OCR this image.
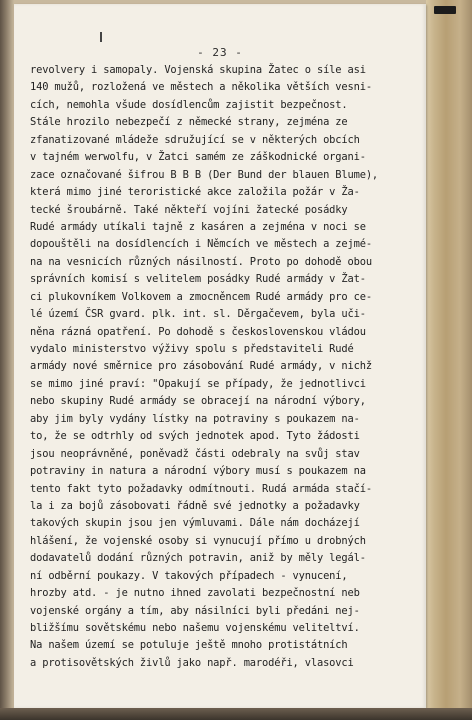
- 23 -
revolvery i samopaly. Vojenská skupina Žatec o síle asi
140 mužů, rozložená ve městech a několika větších vesni-
cích, nemohla všude dosídlencům zajistit bezpečnost.
Stále hrozilo nebezpečí z německé strany, zejména ze
zfanatizované mládeže sdružující se v některých obcích
v tajném werwolfu, v Žatci samém ze záškodnické organi-
zace označované šifrou B B B (Der Bund der blauen Blume),
která mimo jiné teroristické akce založila požár v Ža-
tecké šroubárně. Také někteří vojíni žatecké posádky
Rudé armády utíkali tajně z kasáren a zejména v noci se
dopouštěli na dosídlencích i Němcích ve městech a zejmé-
na na vesnicích různých násilností. Proto po dohodě obou
správních komisí s velitelem posádky Rudé armády v Žat-
ci plukovníkem Volkovem a zmocněncem Rudé armády pro ce-
lé území ČSR gvard. plk. int. sl. Děrgačevem, byla uči-
něna rázná opatření. Po dohodě s československou vládou
vydalo ministerstvo výživy spolu s představiteli Rudé
armády nové směrnice pro zásobování Rudé armády, v nichž
se mimo jiné praví: "Opakují se případy, že jednotlivci
nebo skupiny Rudé armády se obracejí na národní výbory,
aby jim byly vydány lístky na potraviny s poukazem na-
to, že se odtrhly od svých jednotek apod. Tyto žádosti
jsou neoprávněné, poněvadž části odebraly na svůj stav
potraviny in natura a národní výbory musí s poukazem na
tento fakt tyto požadavky odmítnouti. Rudá armáda stačí-
la i za bojů zásobovati řádně své jednotky a požadavky
takových skupin jsou jen výmluvami. Dále nám docházejí
hlášení, že vojenské osoby si vynucují přímo u drobných
dodavatelů dodání různých potravin, aniž by měly legál-
ní odběrní poukazy. V takových případech - vynucení,
hrozby atd. - je nutno ihned zavolati bezpečnostní neb
vojenské orgány a tím, aby násilníci byli předáni nej-
bližšímu sovětskému nebo našemu vojenskému veliteltví.
Na našem území se potuluje ještě mnoho protistátních
a protisovětských živlů jako např. marodéři, vlasovci
